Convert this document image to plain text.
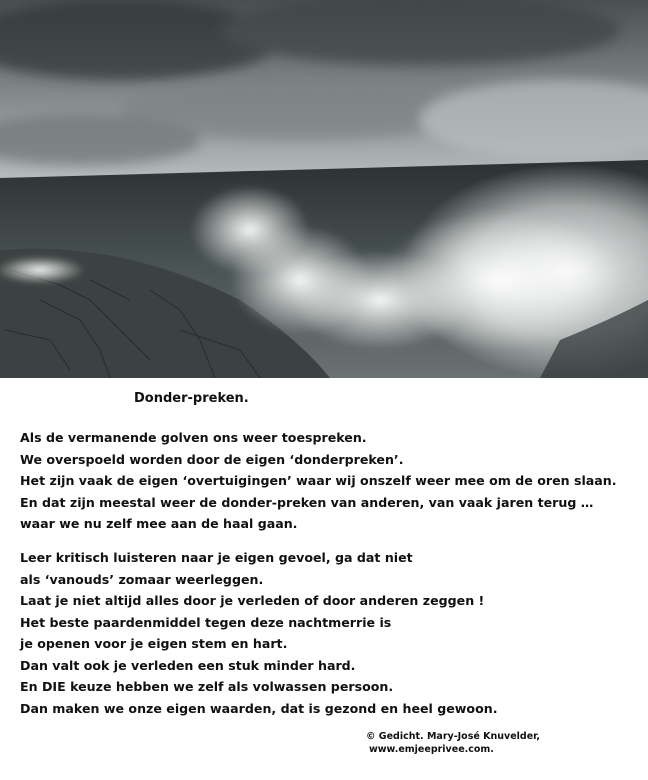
Donder-preken.
Als de vermanende golven ons weer toespreken.
We overspoeld worden door de eigen ‘donderpreken’.
Het zijn vaak de eigen ‘overtuigingen’ waar wij onszelf weer mee om de oren slaan.
En dat zijn meestal weer de donder-preken van anderen, van vaak jaren terug …
waar we nu zelf mee aan de haal gaan.
Leer kritisch luisteren naar je eigen gevoel, ga dat niet
als ‘vanouds’ zomaar weerleggen.
Laat je niet altijd alles door je verleden of door anderen zeggen !
Het beste paardenmiddel tegen deze nachtmerrie is
je openen voor je eigen stem en hart.
Dan valt ook je verleden een stuk minder hard.
En DIE keuze hebben we zelf als volwassen persoon.
Dan maken we onze eigen waarden, dat is gezond en heel gewoon.
© Gedicht. Mary-José Knuvelder,
www.emjeeprivee.com.
